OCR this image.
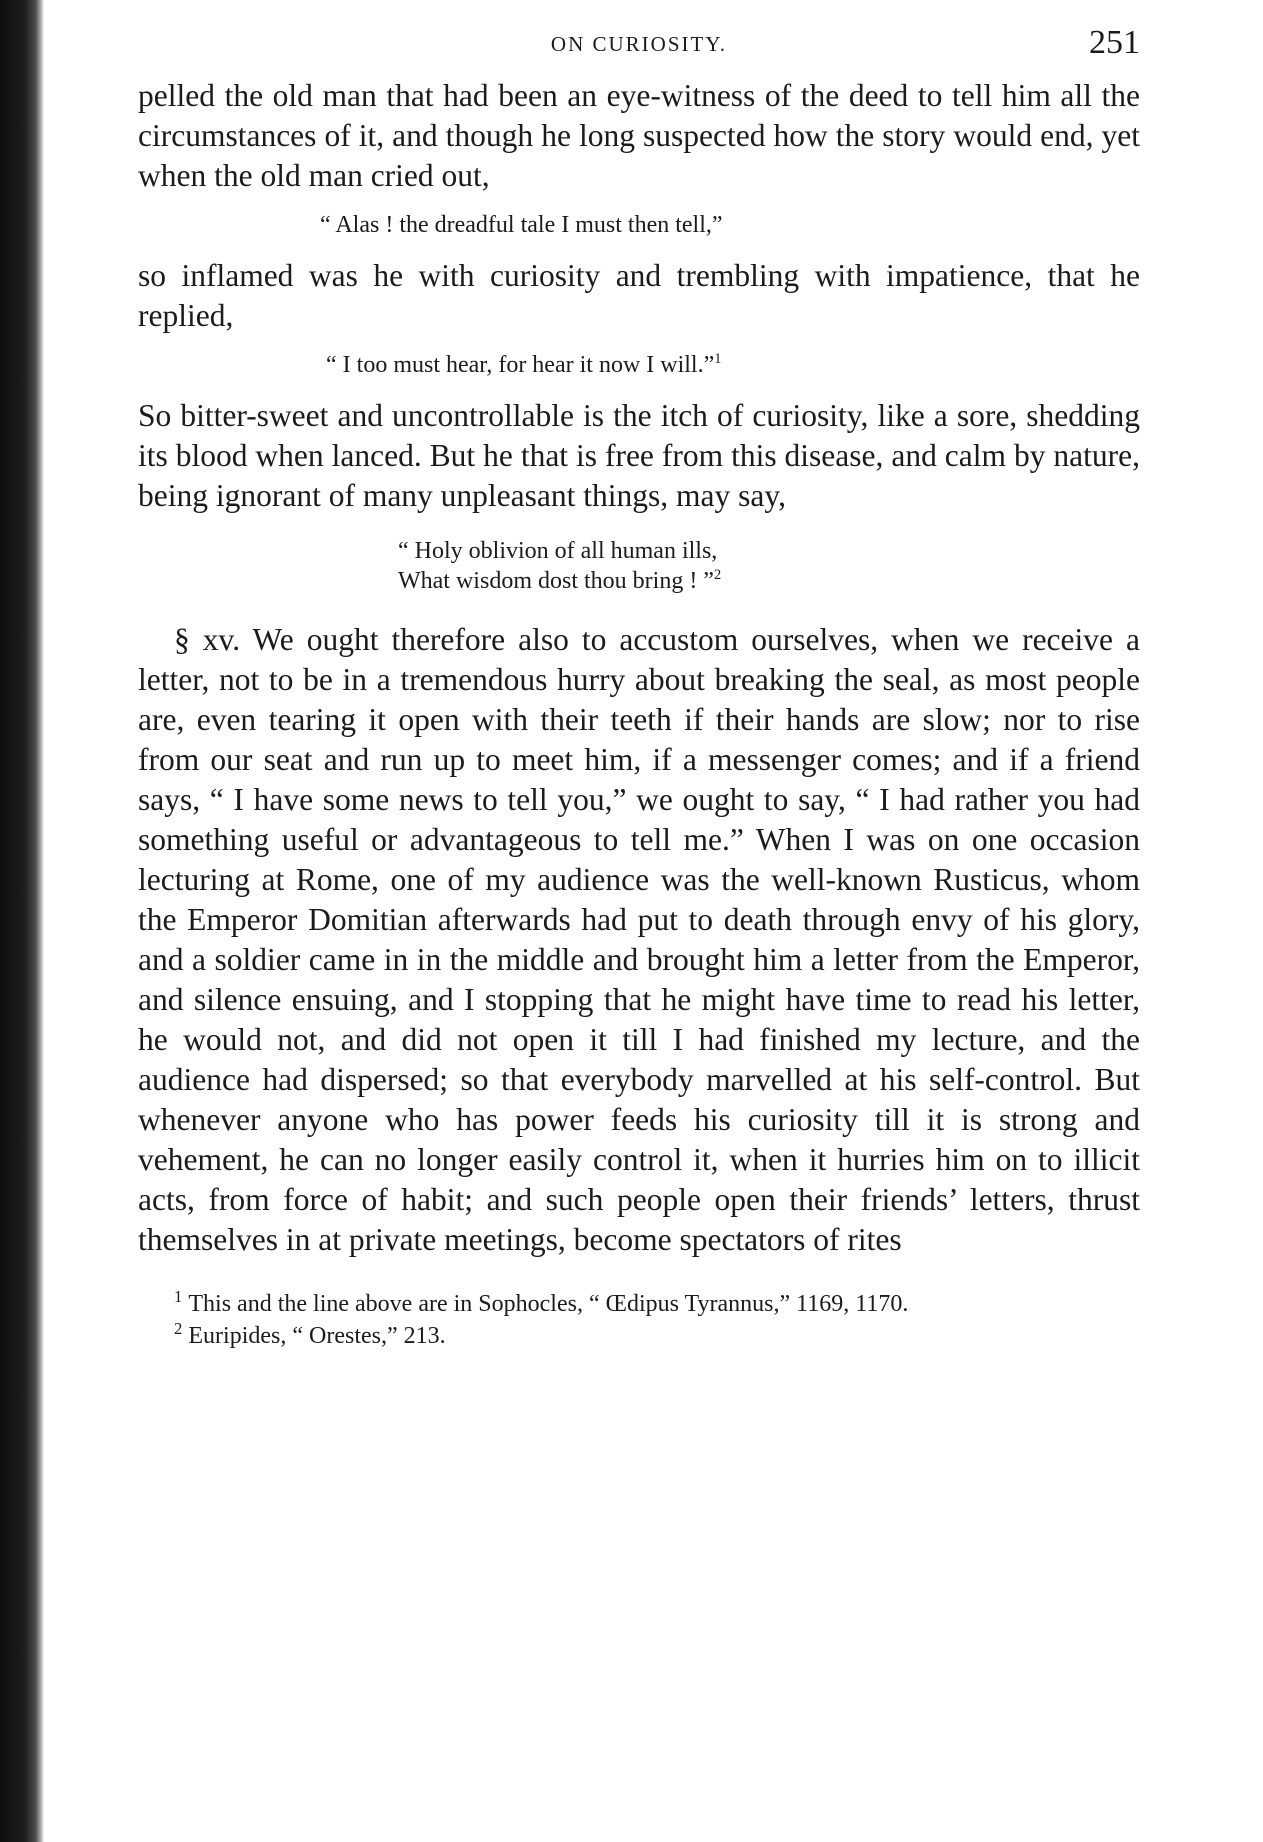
ON CURIOSITY.	251

pelled the old man that had been an eye-witness of the deed to tell him all the circumstances of it, and though he long suspected how the story would end, yet when the old man cried out,

“ Alas ! the dreadful tale I must then tell,”

so inflamed was he with curiosity and trembling with impatience, that he replied,

“ I too must hear, for hear it now I will.”$^1$

So bitter-sweet and uncontrollable is the itch of curiosity, like a sore, shedding its blood when lanced. But he that is free from this disease, and calm by nature, being ignorant of many unpleasant things, may say,

“ Holy oblivion of all human ills,
What wisdom dost thou bring ! ”$^2$

§ xv. We ought therefore also to accustom ourselves, when we receive a letter, not to be in a tremendous hurry about breaking the seal, as most people are, even tearing it open with their teeth if their hands are slow; nor to rise from our seat and run up to meet him, if a messenger comes; and if a friend says, “ I have some news to tell you,” we ought to say, “ I had rather you had something useful or advantageous to tell me.” When I was on one occasion lecturing at Rome, one of my audience was the well-known Rusticus, whom the Emperor Domitian afterwards had put to death through envy of his glory, and a soldier came in in the middle and brought him a letter from the Emperor, and silence ensuing, and I stopping that he might have time to read his letter, he would not, and did not open it till I had finished my lecture, and the audience had dispersed; so that everybody marvelled at his self-control. But whenever anyone who has power feeds his curiosity till it is strong and vehement, he can no longer easily control it, when it hurries him on to illicit acts, from force of habit; and such people open their friends’ letters, thrust themselves in at private meetings, become spectators of rites

$^1$ This and the line above are in Sophocles, “ Œdipus Tyrannus,” 1169, 1170.

$^2$ Euripides, “ Orestes,” 213.
